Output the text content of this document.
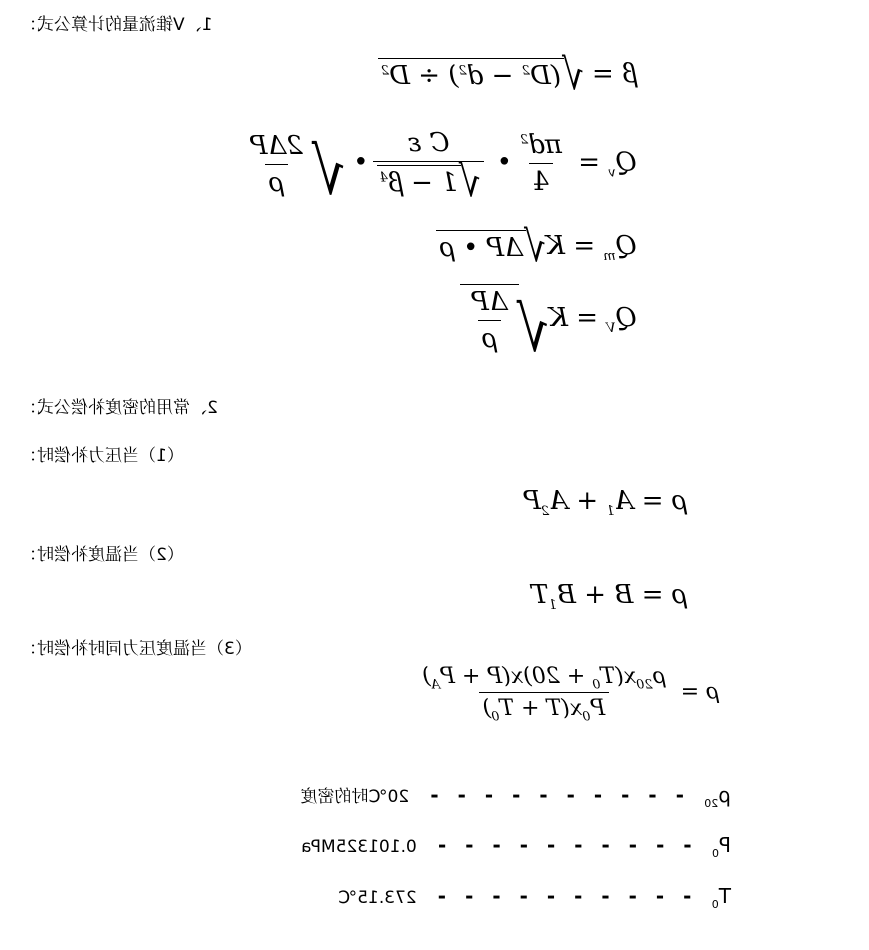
1、V锥流量的计算公式：
β =
√
$(D^2 - d^2) \div D^2$
$Q_v$ =
$\frac{\pi d^2}{4}$
•
C ε
√
$1 - \beta^4$
•
√
$\frac{2\Delta P}{\rho}$
$Q_m = K$
√
ΔP • ρ
$Q_V = K$
√
$\frac{\Delta P}{\rho}$
2、常用的密度补偿公式：
（1）当压力补偿时：
$\rho = A_1 + A_2P$
（2）当温度补偿时：
$\rho = B + B_1T$
（3）当温度压力同时补偿时：
ρ =
$\frac{\rho_{20}x(T_0 + 20)x(P + P_A)}{P_0x(T + T_0)}$
$\rho_{20}$ - - - - - - - - - - 20℃时的密度
$P_0$ - - - - - - - - - - 0.101325MPa
$T_0$ - - - - - - - - - - 273.15℃
